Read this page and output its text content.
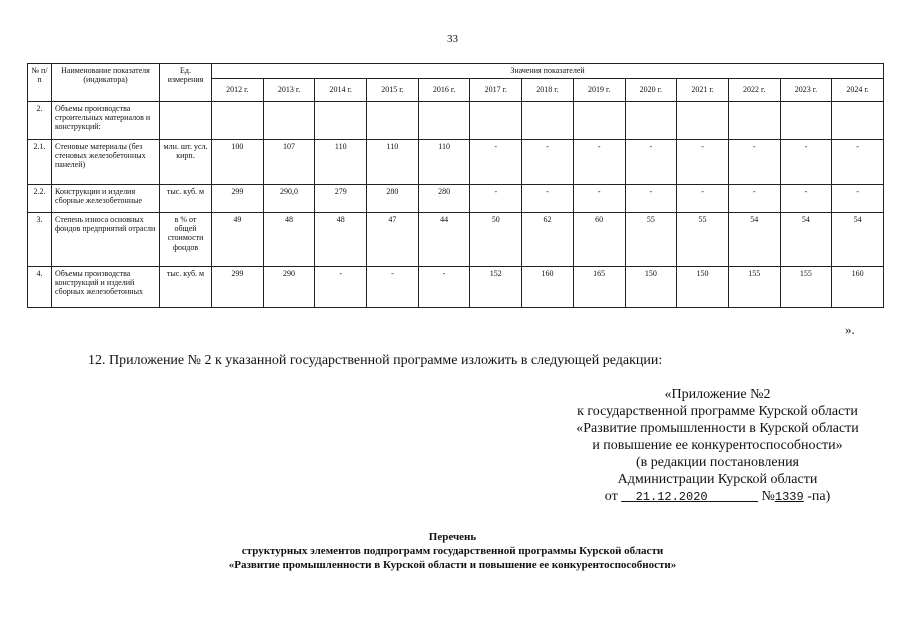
33
№ п/п	Наименование показателя (индикатора)	Ед. измерения	Значения показателей												
			2012 г.	2013 г.	2014 г.	2015 г.	2016 г.	2017 г.	2018 г.	2019 г.	2020 г.	2021 г.	2022 г.	2023 г.	2024 г.
2.	Объемы производства строительных материалов и конструкций:														
2.1.	Стеновые материалы (без стеновых железобетонных панелей)	млн. шт. усл. кирп.	100	107	110	110	110	-	-	-	-	-	-	-	-
2.2.	Конструкции и изделия сборные железобетонные	тыс. куб. м	299	290,0	279	280	280	-	-	-	-	-	-	-	-
3.	Степень износа основных фондов предприятий отрасли	в % от общей стоимости фондов	49	48	48	47	44	50	62	60	55	55	54	54	54
4.	Объемы производства конструкций и изделий сборных железобетонных	тыс. куб. м	299	290	-	-	-	152	160	165	150	150	155	155	160
».
12. Приложение № 2 к указанной государственной программе изложить в следующей редакции:
«Приложение №2
к государственной программе Курской области
«Развитие промышленности в Курской области
и повышение ее конкурентоспособности»
(в редакции постановления
Администрации Курской области
от 21.12.2020	№1339 -па)
Перечень
структурных элементов подпрограмм государственной программы Курской области
«Развитие промышленности в Курской области и повышение ее конкурентоспособности»
